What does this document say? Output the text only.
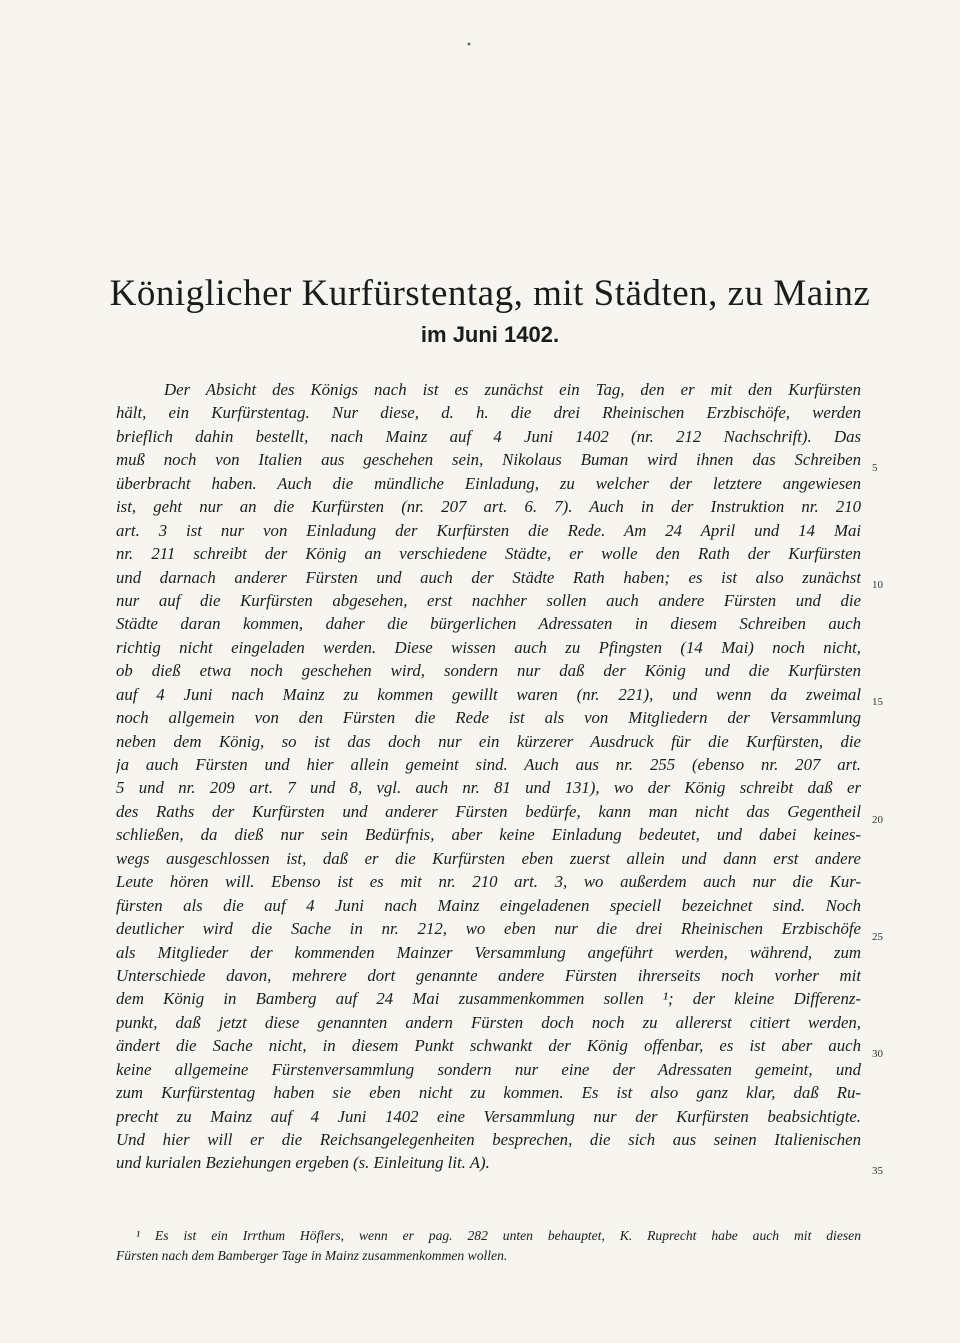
•
Königlicher Kurfürstentag, mit Städten, zu Mainz
im Juni 1402.
Der Absicht des Königs nach ist es zunächst ein Tag, den er mit den Kurfürsten
hält, ein Kurfürstentag. Nur diese, d. h. die drei Rheinischen Erzbischöfe, werden
brieflich dahin bestellt, nach Mainz auf 4 Juni 1402 (nr. 212 Nachschrift). Das
muß noch von Italien aus geschehen sein, Nikolaus Buman wird ihnen das Schreiben
überbracht haben. Auch die mündliche Einladung, zu welcher der letztere angewiesen
ist, geht nur an die Kurfürsten (nr. 207 art. 6. 7). Auch in der Instruktion nr. 210
art. 3 ist nur von Einladung der Kurfürsten die Rede. Am 24 April und 14 Mai
nr. 211 schreibt der König an verschiedene Städte, er wolle den Rath der Kurfürsten
und darnach anderer Fürsten und auch der Städte Rath haben; es ist also zunächst
nur auf die Kurfürsten abgesehen, erst nachher sollen auch andere Fürsten und die
Städte daran kommen, daher die bürgerlichen Adressaten in diesem Schreiben auch
richtig nicht eingeladen werden. Diese wissen auch zu Pfingsten (14 Mai) noch nicht,
ob dieß etwa noch geschehen wird, sondern nur daß der König und die Kurfürsten
auf 4 Juni nach Mainz zu kommen gewillt waren (nr. 221), und wenn da zweimal
noch allgemein von den Fürsten die Rede ist als von Mitgliedern der Versammlung
neben dem König, so ist das doch nur ein kürzerer Ausdruck für die Kurfürsten, die
ja auch Fürsten und hier allein gemeint sind. Auch aus nr. 255 (ebenso nr. 207 art.
5 und nr. 209 art. 7 und 8, vgl. auch nr. 81 und 131), wo der König schreibt daß er
des Raths der Kurfürsten und anderer Fürsten bedürfe, kann man nicht das Gegentheil
schließen, da dieß nur sein Bedürfnis, aber keine Einladung bedeutet, und dabei keines-
wegs ausgeschlossen ist, daß er die Kurfürsten eben zuerst allein und dann erst andere
Leute hören will. Ebenso ist es mit nr. 210 art. 3, wo außerdem auch nur die Kur-
fürsten als die auf 4 Juni nach Mainz eingeladenen speciell bezeichnet sind. Noch
deutlicher wird die Sache in nr. 212, wo eben nur die drei Rheinischen Erzbischöfe
als Mitglieder der kommenden Mainzer Versammlung angeführt werden, während, zum
Unterschiede davon, mehrere dort genannte andere Fürsten ihrerseits noch vorher mit
dem König in Bamberg auf 24 Mai zusammenkommen sollen ¹; der kleine Differenz-
punkt, daß jetzt diese genannten andern Fürsten doch noch zu allererst citiert werden,
ändert die Sache nicht, in diesem Punkt schwankt der König offenbar, es ist aber auch
keine allgemeine Fürstenversammlung sondern nur eine der Adressaten gemeint, und
zum Kurfürstentag haben sie eben nicht zu kommen. Es ist also ganz klar, daß Ru-
precht zu Mainz auf 4 Juni 1402 eine Versammlung nur der Kurfürsten beabsichtigte.
Und hier will er die Reichsangelegenheiten besprechen, die sich aus seinen Italienischen
und kurialen Beziehungen ergeben (s. Einleitung lit. A).
5
10
15
20
25
30
35
¹ Es ist ein Irrthum Höflers, wenn er pag. 282 unten behauptet, K. Ruprecht habe auch mit diesen
Fürsten nach dem Bamberger Tage in Mainz zusammenkommen wollen.
